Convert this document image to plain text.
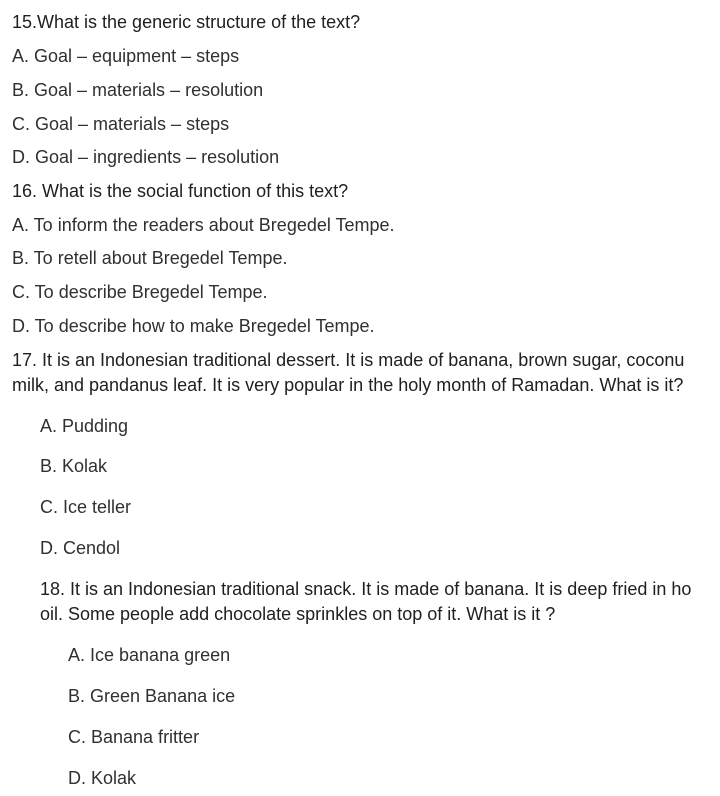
15.What is the generic structure of the text?
A. Goal – equipment – steps
B. Goal – materials – resolution
C. Goal – materials – steps
D. Goal – ingredients – resolution
16. What is the social function of this text?
A. To inform the readers about Bregedel Tempe.
B. To retell about Bregedel Tempe.
C. To describe Bregedel Tempe.
D. To describe how to make Bregedel Tempe.
17. It is an Indonesian traditional dessert. It is made of banana, brown sugar, coconu
milk, and pandanus leaf. It is very popular in the holy month of Ramadan. What is it?
A. Pudding
B. Kolak
C. Ice teller
D. Cendol
18. It is an Indonesian traditional snack. It is made of banana. It is deep fried in ho
oil. Some people add chocolate sprinkles on top of it. What is it ?
A. Ice banana green
B. Green Banana ice
C. Banana fritter
D. Kolak
